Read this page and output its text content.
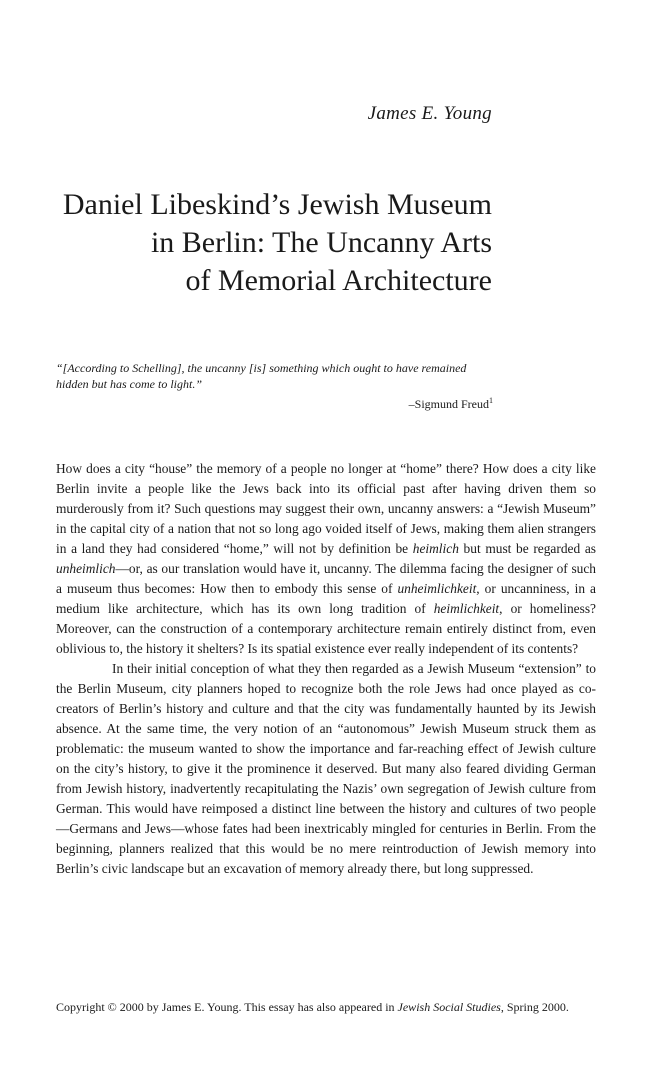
James E. Young
Daniel Libeskind’s Jewish Museum
in Berlin: The Uncanny Arts
of Memorial Architecture
“[According to Schelling], the uncanny [is] something which ought to have remained hidden but has come to light.”
–Sigmund Freud$^1$

How does a city “house” the memory of a people no longer at “home” there? How does a city like Berlin invite a people like the Jews back into its official past after having driven them so murderously from it? Such questions may suggest their own, uncanny answers: a “Jewish Museum” in the capital city of a nation that not so long ago voided itself of Jews, making them alien strangers in a land they had considered “home,” will not by definition be heimlich but must be regarded as unheimlich—or, as our translation would have it, uncanny. The dilemma facing the designer of such a museum thus becomes: How then to embody this sense of unheimlichkeit, or uncanniness, in a medium like architecture, which has its own long tradition of heimlichkeit, or homeliness? Moreover, can the construction of a contemporary architecture remain entirely distinct from, even oblivious to, the history it shelters? Is its spatial existence ever really independent of its contents?

In their initial conception of what they then regarded as a Jewish Museum “extension” to the Berlin Museum, city planners hoped to recognize both the role Jews had once played as co-creators of Berlin’s history and culture and that the city was fundamentally haunted by its Jewish absence. At the same time, the very notion of an “autonomous” Jewish Museum struck them as problematic: the museum wanted to show the importance and far-reaching effect of Jewish culture on the city’s history, to give it the prominence it deserved. But many also feared dividing German from Jewish history, inadvertently recapitulating the Nazis’ own segregation of Jewish culture from German. This would have reimposed a distinct line between the history and cultures of two people—Germans and Jews—whose fates had been inextricably mingled for centuries in Berlin. From the beginning, planners realized that this would be no mere reintroduction of Jewish memory into Berlin’s civic landscape but an excavation of memory already there, but long suppressed.

Copyright © 2000 by James E. Young. This essay has also appeared in Jewish Social Studies, Spring 2000.
